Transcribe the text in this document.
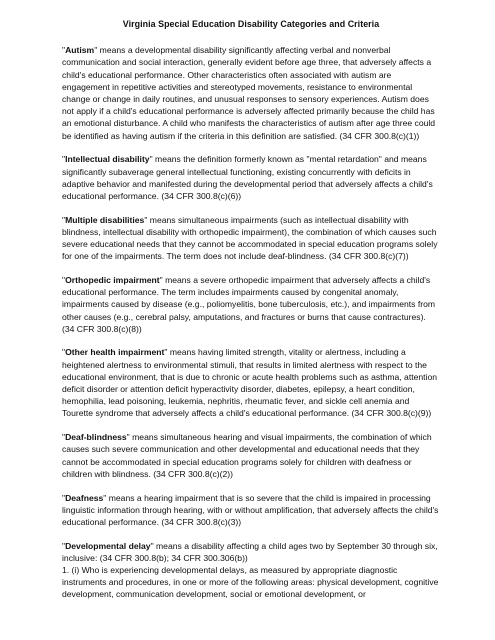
Virginia Special Education Disability Categories and Criteria

"Autism" means a developmental disability significantly affecting verbal and nonverbal communication and social interaction, generally evident before age three, that adversely affects a child's educational performance. Other characteristics often associated with autism are engagement in repetitive activities and stereotyped movements, resistance to environmental change or change in daily routines, and unusual responses to sensory experiences. Autism does not apply if a child's educational performance is adversely affected primarily because the child has an emotional disturbance. A child who manifests the characteristics of autism after age three could be identified as having autism if the criteria in this definition are satisfied. (34 CFR 300.8(c)(1))

"Intellectual disability" means the definition formerly known as "mental retardation" and means significantly subaverage general intellectual functioning, existing concurrently with deficits in adaptive behavior and manifested during the developmental period that adversely affects a child's educational performance. (34 CFR 300.8(c)(6))

"Multiple disabilities" means simultaneous impairments (such as intellectual disability with blindness, intellectual disability with orthopedic impairment), the combination of which causes such severe educational needs that they cannot be accommodated in special education programs solely for one of the impairments. The term does not include deaf-blindness. (34 CFR 300.8(c)(7))

"Orthopedic impairment" means a severe orthopedic impairment that adversely affects a child's educational performance. The term includes impairments caused by congenital anomaly, impairments caused by disease (e.g., poliomyelitis, bone tuberculosis, etc.), and impairments from other causes (e.g., cerebral palsy, amputations, and fractures or burns that cause contractures). (34 CFR 300.8(c)(8))

"Other health impairment" means having limited strength, vitality or alertness, including a heightened alertness to environmental stimuli, that results in limited alertness with respect to the educational environment, that is due to chronic or acute health problems such as asthma, attention deficit disorder or attention deficit hyperactivity disorder, diabetes, epilepsy, a heart condition, hemophilia, lead poisoning, leukemia, nephritis, rheumatic fever, and sickle cell anemia and Tourette syndrome that adversely affects a child's educational performance. (34 CFR 300.8(c)(9))

"Deaf-blindness" means simultaneous hearing and visual impairments, the combination of which causes such severe communication and other developmental and educational needs that they cannot be accommodated in special education programs solely for children with deafness or children with blindness. (34 CFR 300.8(c)(2))

"Deafness" means a hearing impairment that is so severe that the child is impaired in processing linguistic information through hearing, with or without amplification, that adversely affects the child's educational performance. (34 CFR 300.8(c)(3))

"Developmental delay" means a disability affecting a child ages two by September 30 through six, inclusive: (34 CFR 300.8(b); 34 CFR 300.306(b))
1. (i) Who is experiencing developmental delays, as measured by appropriate diagnostic instruments and procedures, in one or more of the following areas: physical development, cognitive development, communication development, social or emotional development, or
